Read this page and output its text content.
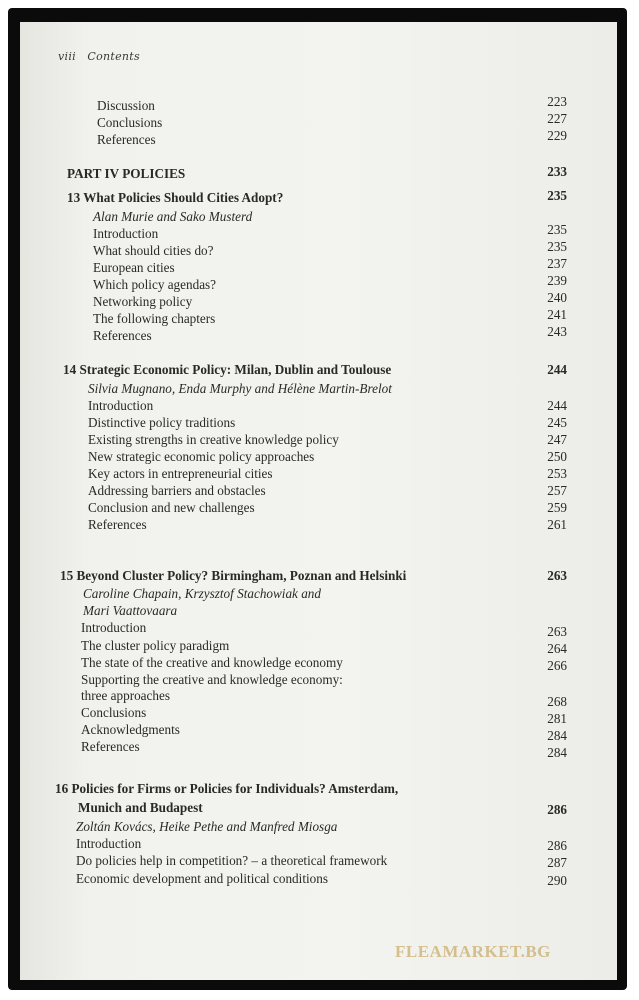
viii Contents
Discussion	223
Conclusions	227
References	229
PART IV POLICIES	233
13 What Policies Should Cities Adopt?	235
Alan Murie and Sako Musterd
Introduction	235
What should cities do?	235
European cities	237
Which policy agendas?	239
Networking policy	240
The following chapters	241
References	243
14 Strategic Economic Policy: Milan, Dublin and Toulouse	244
Silvia Mugnano, Enda Murphy and Hélène Martin-Brelot
Introduction	244
Distinctive policy traditions	245
Existing strengths in creative knowledge policy	247
New strategic economic policy approaches	250
Key actors in entrepreneurial cities	253
Addressing barriers and obstacles	257
Conclusion and new challenges	259
References	261
15 Beyond Cluster Policy? Birmingham, Poznan and Helsinki	263
Caroline Chapain, Krzysztof Stachowiak and
Mari Vaattovaara
Introduction	263
The cluster policy paradigm	264
The state of the creative and knowledge economy	266
Supporting the creative and knowledge economy:
three approaches	268
Conclusions	281
Acknowledgments	284
References	284
16 Policies for Firms or Policies for Individuals? Amsterdam,
Munich and Budapest	286
Zoltán Kovács, Heike Pethe and Manfred Miosga
Introduction	286
Do policies help in competition? – a theoretical framework	287
Economic development and political conditions	290
FLEAMARKET.BG
